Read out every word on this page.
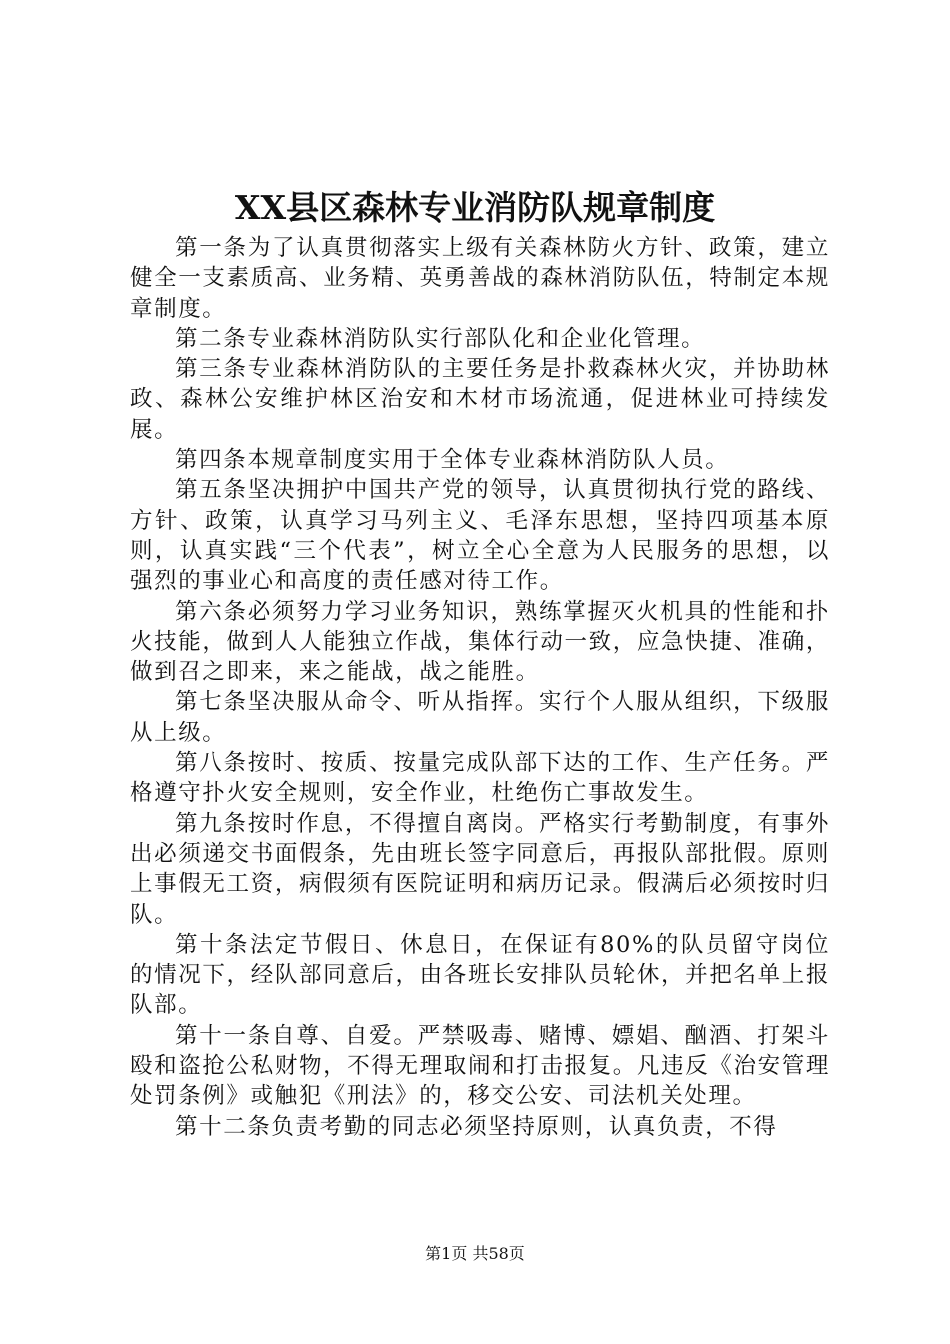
XX县区森林专业消防队规章制度

第一条为了认真贯彻落实上级有关森林防火方针、政策，建立健全一支素质高、业务精、英勇善战的森林消防队伍，特制定本规章制度。

第二条专业森林消防队实行部队化和企业化管理。

第三条专业森林消防队的主要任务是扑救森林火灾，并协助林政、森林公安维护林区治安和木材市场流通，促进林业可持续发展。

第四条本规章制度实用于全体专业森林消防队人员。

第五条坚决拥护中国共产党的领导，认真贯彻执行党的路线、方针、政策，认真学习马列主义、毛泽东思想，坚持四项基本原则，认真实践“三个代表”，树立全心全意为人民服务的思想，以强烈的事业心和高度的责任感对待工作。

第六条必须努力学习业务知识，熟练掌握灭火机具的性能和扑火技能，做到人人能独立作战，集体行动一致，应急快捷、准确，做到召之即来，来之能战，战之能胜。

第七条坚决服从命令、听从指挥。实行个人服从组织，下级服从上级。

第八条按时、按质、按量完成队部下达的工作、生产任务。严格遵守扑火安全规则，安全作业，杜绝伤亡事故发生。

第九条按时作息，不得擅自离岗。严格实行考勤制度，有事外出必须递交书面假条，先由班长签字同意后，再报队部批假。原则上事假无工资，病假须有医院证明和病历记录。假满后必须按时归队。

第十条法定节假日、休息日，在保证有80%的队员留守岗位的情况下，经队部同意后，由各班长安排队员轮休，并把名单上报队部。

第十一条自尊、自爱。严禁吸毒、赌博、嫖娼、酗酒、打架斗殴和盗抢公私财物，不得无理取闹和打击报复。凡违反《治安管理处罚条例》或触犯《刑法》的，移交公安、司法机关处理。

第十二条负责考勤的同志必须坚持原则，认真负责，不得

第1页 共58页
